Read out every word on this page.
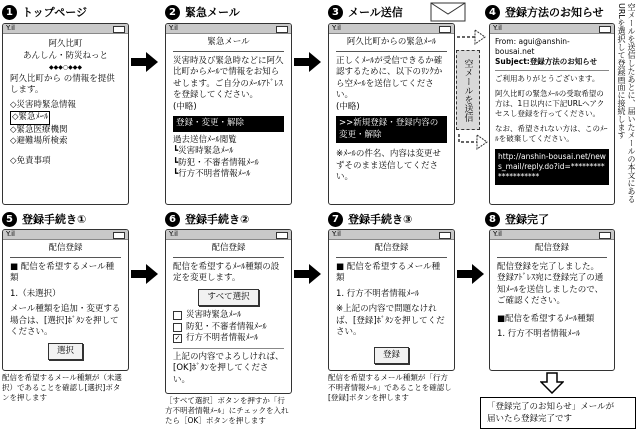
1 トップページ	2 緊急メール	3 メール送信	4 登録方法のお知らせ
Y.il
阿久比町
あんしん・防災ねっと
◆◆◆○◆◆◆
阿久比町から の情報を提供します。
◇災害時緊急情報
◇緊急ﾒｰﾙ
◇緊急医療機関
◇避難場所検索
◇免責事項
Y.il
緊急メール
災害時及び緊急時などに阿久比町からﾒｰﾙで情報をお知らせします。ご自分のﾒｰﾙｱﾄﾞﾚｽを登録してください。
(中略)
登録・変更・解除
過去送信ﾒｰﾙ閲覧
┗災害時緊急ﾒｰﾙ
┗防犯・不審者情報ﾒｰﾙ
┗行方不明者情報ﾒｰﾙ
Y.il
阿久比町からの緊急ﾒｰﾙ
正しくﾒｰﾙが受信できるか確認するために、以下のﾘﾝｸから空ﾒｰﾙを送信してください。
(中略)
>>新規登録・登録内容の変更・解除
※ﾒｰﾙの件名、内容は変更せずそのまま送信してください。
空メールを送信
Y.il
From: agui@anshin-bousai.net
Subject:登録方法のお知らせ
ご利用ありがとうございます。
阿久比町の緊急ﾒｰﾙの受取希望の方は、1日以内に下記URLへアクセスし登録を行ってください。
なお、希望されない方は、このﾒｰﾙを破棄してください。
http://anshin-bousai.net/news_mail/reply.do?id=********************	空メールを送信したあとに、届いたメールの本文にあるURLを選択して登録画面に接続します
5 登録手続き①	6 登録手続き②	7 登録手続き③	8 登録完了
Y.il
配信登録
■ 配信を希望するメール種類
1.（未選択）
メール種類を追加・変更する場合は、[選択]ﾎﾞﾀﾝを押してください。
選択
配信を希望するメール種類が（未選択）であることを確認し[選択]ボタンを押します
Y.il
配信登録
配信を希望するﾒｰﾙ種類の設定を変更します。
すべて選択
災害時緊急ﾒｰﾙ
防犯・不審者情報ﾒｰﾙ
✓ 行方不明者情報ﾒｰﾙ
上記の内容でよろしければ、[OK]ﾎﾞﾀﾝを押してください。
［すべて選択］ボタンを押すか「行方不明者情報ﾒｰﾙ」にチェックを入れたら［OK］ボタンを押します
Y.il
配信登録
■ 配信を希望するメール種類
1. 行方不明者情報ﾒｰﾙ
※上記の内容で問題なければ、[登録]ﾎﾞﾀﾝを押してください。
登録
配信を希望するメール種類が「行方不明者情報ﾒｰﾙ」であることを確認し[登録]ボタンを押します
Y.il
配信登録
配信登録を完了しました。登録ｱﾄﾞﾚｽ宛に登録完了の通知ﾒｰﾙを送信しましたので、ご確認ください。
■配信を希望するﾒｰﾙ種類
1. 行方不明者情報ﾒｰﾙ
「登録完了のお知らせ」メールが
届いたら登録完了です
